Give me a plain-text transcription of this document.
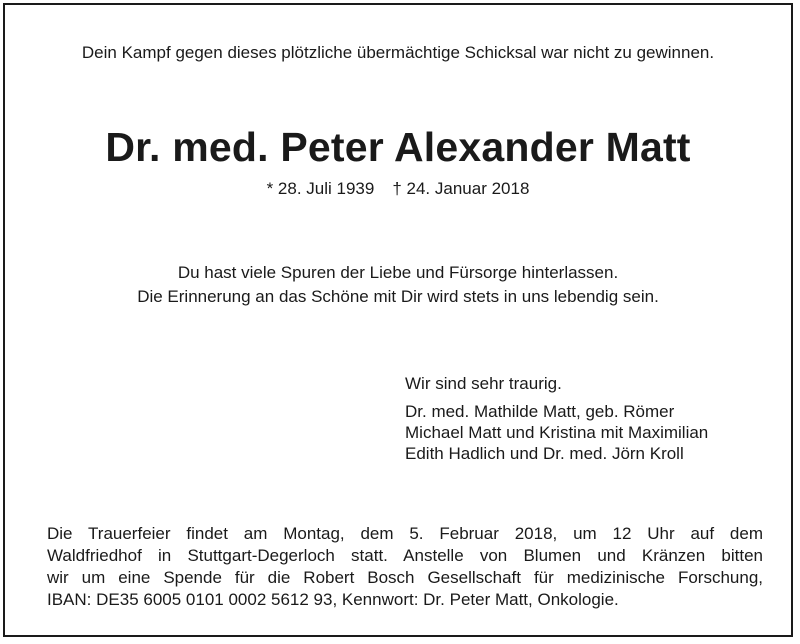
Dein Kampf gegen dieses plötzliche übermächtige Schicksal war nicht zu gewinnen.
Dr. med. Peter Alexander Matt
* 28. Juli 1939 † 24. Januar 2018
Du hast viele Spuren der Liebe und Fürsorge hinterlassen.
Die Erinnerung an das Schöne mit Dir wird stets in uns lebendig sein.
Wir sind sehr traurig.
Dr. med. Mathilde Matt, geb. Römer
Michael Matt und Kristina mit Maximilian
Edith Hadlich und Dr. med. Jörn Kroll
Die Trauerfeier findet am Montag, dem 5. Februar 2018, um 12 Uhr auf dem
Waldfriedhof in Stuttgart-Degerloch statt. Anstelle von Blumen und Kränzen bitten
wir um eine Spende für die Robert Bosch Gesellschaft für medizinische Forschung,
IBAN: DE35 6005 0101 0002 5612 93, Kennwort: Dr. Peter Matt, Onkologie.
